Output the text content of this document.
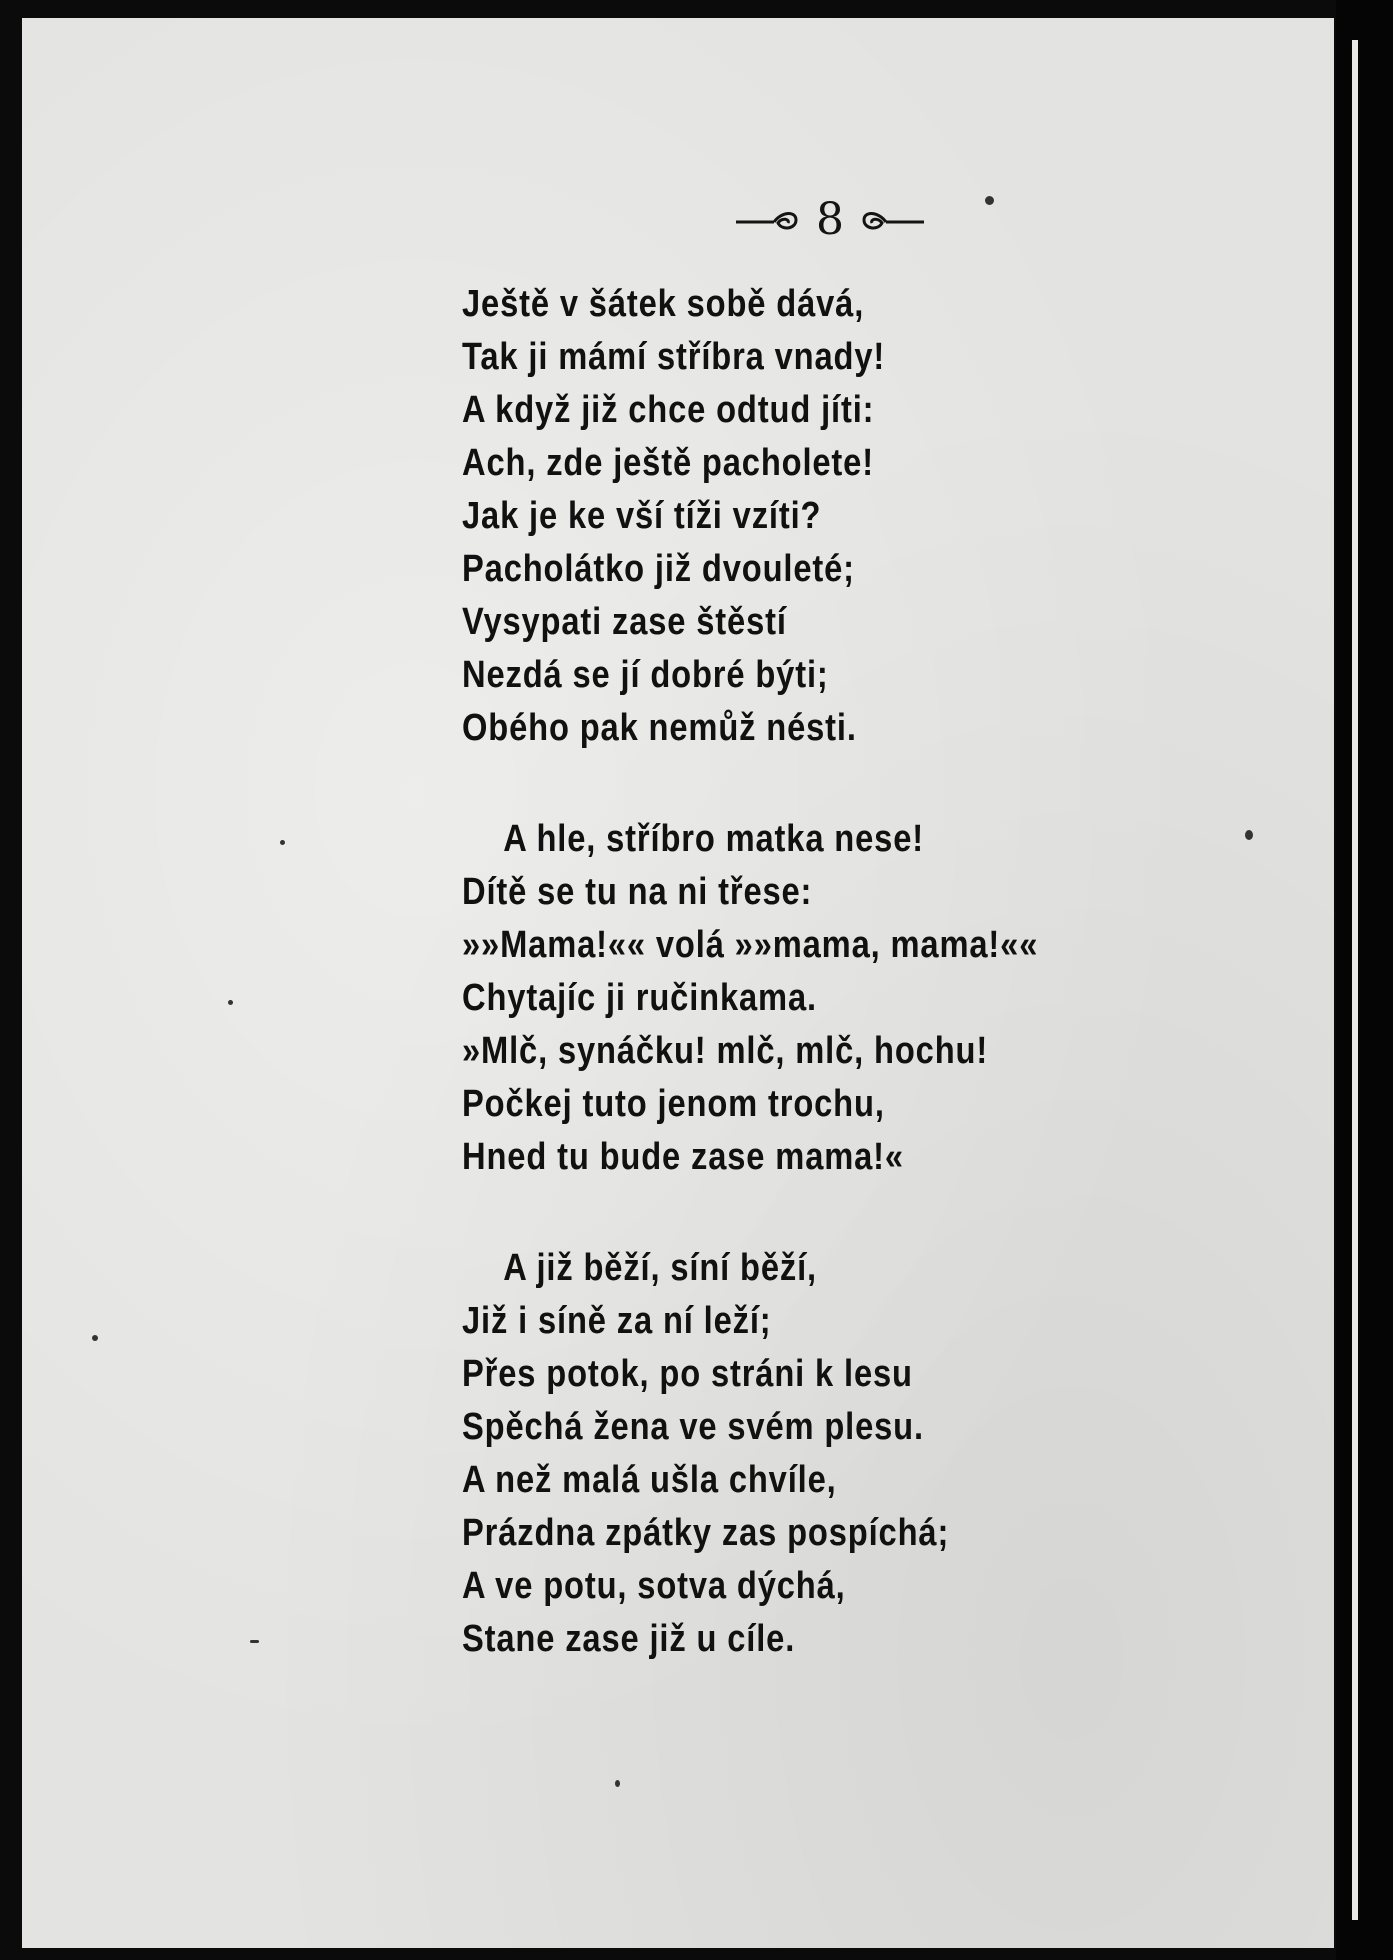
8
Ještě v šátek sobě dává,
Tak ji mámí stříbra vnady!
A když již chce odtud jíti:
Ach, zde ještě pacholete!
Jak je ke vší tíži vzíti?
Pacholátko již dvouleté;
Vysypati zase štěstí
Nezdá se jí dobré býti;
Obého pak nemůž nésti.
A hle, stříbro matka nese!
Dítě se tu na ni třese:
»»Mama!«« volá »»mama, mama!««
Chytajíc ji ručinkama.
»Mlč, synáčku! mlč, mlč, hochu!
Počkej tuto jenom trochu,
Hned tu bude zase mama!«
A již běží, síní běží,
Již i síně za ní leží;
Přes potok, po stráni k lesu
Spěchá žena ve svém plesu.
A než malá ušla chvíle,
Prázdna zpátky zas pospíchá;
A ve potu, sotva dýchá,
Stane zase již u cíle.
